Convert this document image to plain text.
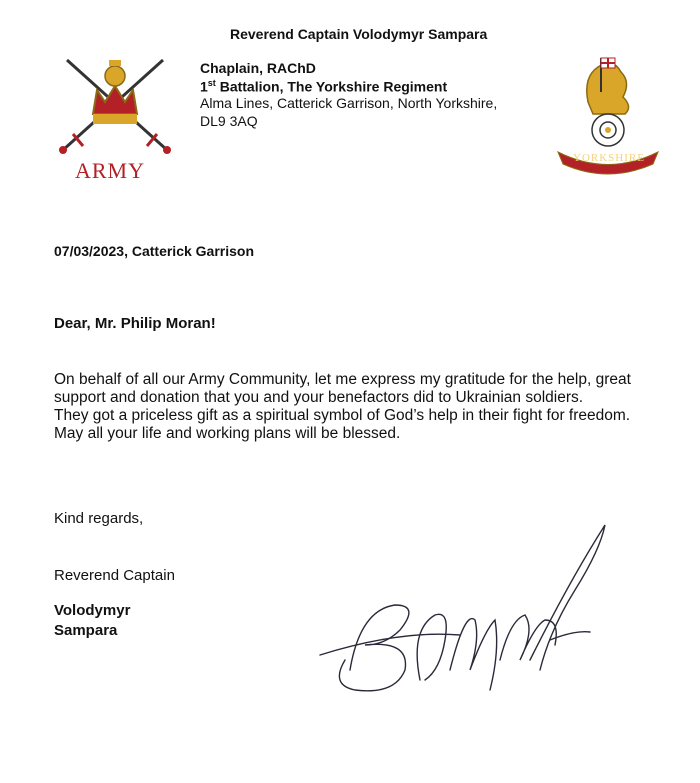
Reverend Captain Volodymyr Sampara
ARMY
Chaplain, RAChD
1st Battalion, The Yorkshire Regiment
Alma Lines, Catterick Garrison, North Yorkshire,
DL9 3AQ
YORKSHIRE
07/03/2023, Catterick Garrison
Dear, Mr. Philip Moran!

On behalf of all our Army Community, let me express my gratitude for the help, great support and donation that you and your benefactors did to Ukrainian soldiers.

They got a priceless gift as a spiritual symbol of God’s help in their fight for freedom.

May all your life and working plans will be blessed.

Kind regards,
Reverend Captain
Volodymyr
Sampara
